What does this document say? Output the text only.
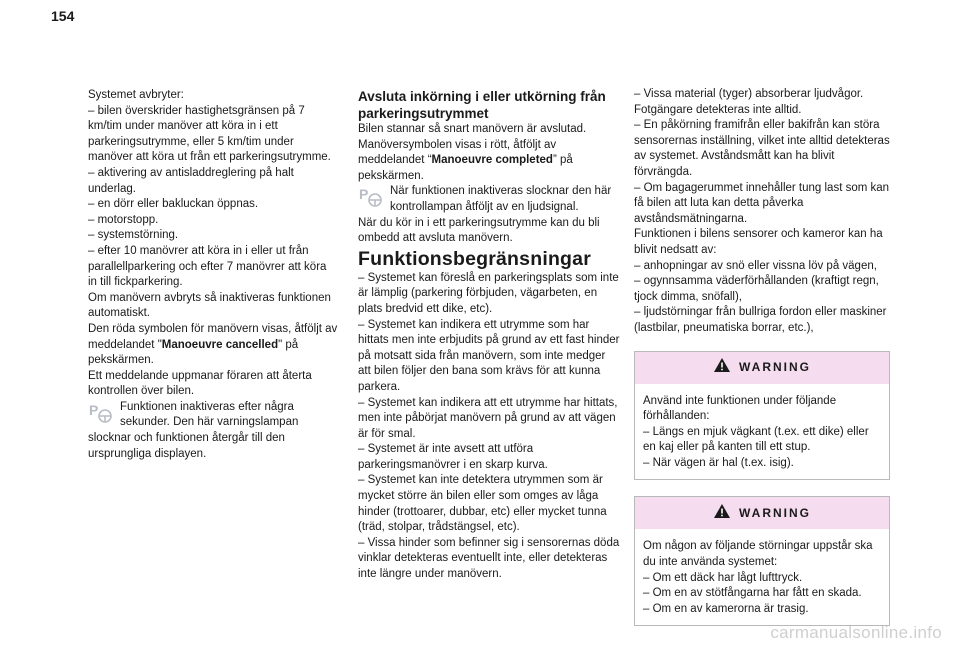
154

Systemet avbryter:

– bilen överskrider hastighetsgränsen på 7 km/tim under manöver att köra in i ett parkeringsutrymme, eller 5 km/tim under manöver att köra ut från ett parkeringsutrymme.

– aktivering av antisladdreglering på halt underlag.

– en dörr eller bakluckan öppnas.

– motorstopp.

– systemstörning.

– efter 10 manövrer att köra in i eller ut från parallellparkering och efter 7 manövrer att köra in till fickparkering.

Om manövern avbryts så inaktiveras funktionen automatiskt.

Den röda symbolen för manövern visas, åtföljt av meddelandet "Manoeuvre cancelled" på pekskärmen.

Ett meddelande uppmanar föraren att återta kontrollen över bilen.

P Funktionen inaktiveras efter några sekunder. Den här varningslampan slocknar och funktionen återgår till den ursprungliga displayen.

Avsluta inkörning i eller utkörning från parkeringsutrymmet

Bilen stannar så snart manövern är avslutad. Manöversymbolen visas i rött, åtföljt av meddelandet “Manoeuvre completed” på pekskärmen.

P När funktionen inaktiveras slocknar den här kontrollampan åtföljt av en ljudsignal.

När du kör in i ett parkeringsutrymme kan du bli ombedd att avsluta manövern.

Funktionsbegränsningar

– Systemet kan föreslå en parkeringsplats som inte är lämplig (parkering förbjuden, vägarbeten, en plats bredvid ett dike, etc).

– Systemet kan indikera ett utrymme som har hittats men inte erbjudits på grund av ett fast hinder på motsatt sida från manövern, som inte medger att bilen följer den bana som krävs för att kunna parkera.

– Systemet kan indikera att ett utrymme har hittats, men inte påbörjat manövern på grund av att vägen är för smal.

– Systemet är inte avsett att utföra parkeringsmanövrer i en skarp kurva.

– Systemet kan inte detektera utrymmen som är mycket större än bilen eller som omges av låga hinder (trottoarer, dubbar, etc) eller mycket tunna (träd, stolpar, trådstängsel, etc).

– Vissa hinder som befinner sig i sensorernas döda vinklar detekteras eventuellt inte, eller detekteras inte längre under manövern.

– Vissa material (tyger) absorberar ljudvågor.

Fotgängare detekteras inte alltid.

– En påkörning framifrån eller bakifrån kan störa sensorernas inställning, vilket inte alltid detekteras av systemet. Avståndsmått kan ha blivit förvrängda.

– Om bagagerummet innehåller tung last som kan få bilen att luta kan detta påverka avståndsmätningarna.

Funktionen i bilens sensorer och kameror kan ha blivit nedsatt av:

– anhopningar av snö eller vissna löv på vägen,

– ogynnsamma väderförhållanden (kraftigt regn, tjock dimma, snöfall),

– ljudstörningar från bullriga fordon eller maskiner (lastbilar, pneumatiska borrar, etc.),

WARNING

Använd inte funktionen under följande förhållanden:

– Längs en mjuk vägkant (t.ex. ett dike) eller en kaj eller på kanten till ett stup.

– När vägen är hal (t.ex. isig).

WARNING

Om någon av följande störningar uppstår ska du inte använda systemet:

– Om ett däck har lågt lufttryck.

– Om en av stötfångarna har fått en skada.

– Om en av kamerorna är trasig.

carmanualsonline.info
